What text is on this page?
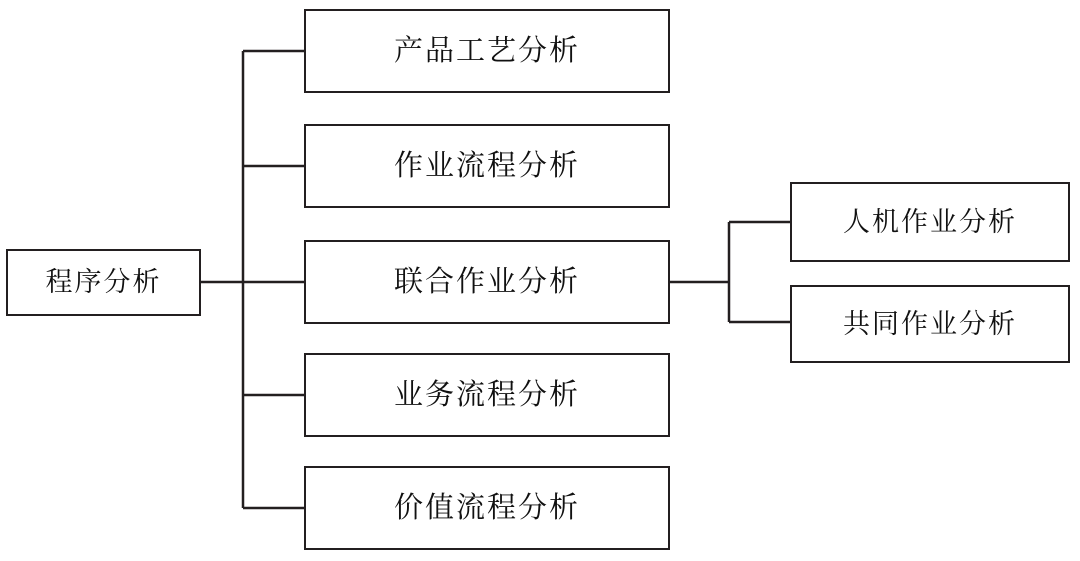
程序分析
产品工艺分析
作业流程分析
联合作业分析
业务流程分析
价值流程分析
人机作业分析
共同作业分析
